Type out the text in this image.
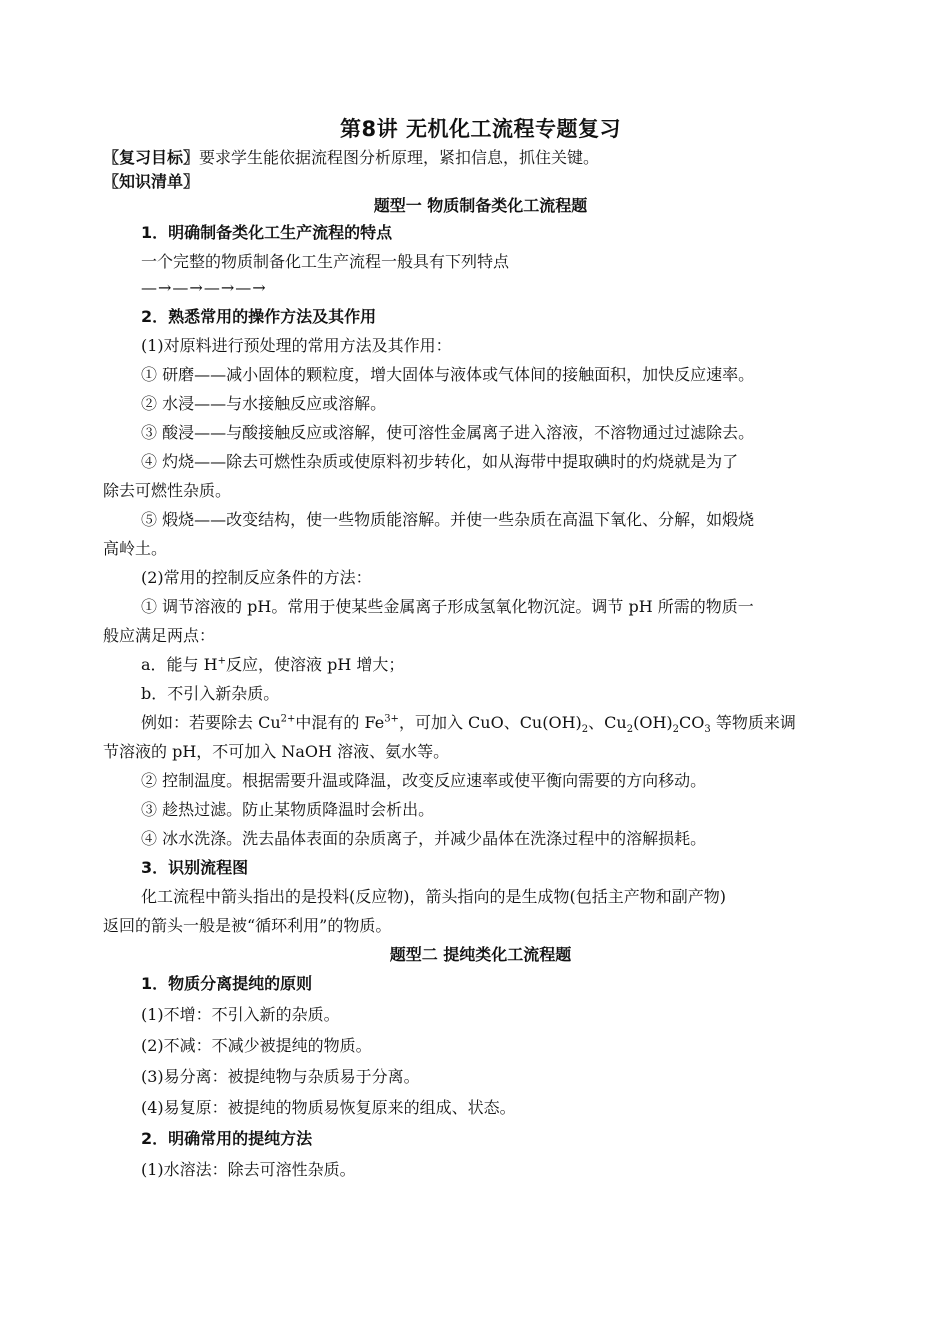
第8讲 无机化工流程专题复习
〖复习目标〗要求学生能依据流程图分析原理，紧扣信息，抓住关键。
〖知识清单〗
题型一 物质制备类化工流程题
1．明确制备类化工生产流程的特点
一个完整的物质制备化工生产流程一般具有下列特点
—→—→—→—→
2．熟悉常用的操作方法及其作用
(1)对原料进行预处理的常用方法及其作用：
① 研磨——减小固体的颗粒度，增大固体与液体或气体间的接触面积，加快反应速率。
② 水浸——与水接触反应或溶解。
③ 酸浸——与酸接触反应或溶解，使可溶性金属离子进入溶液，不溶物通过过滤除去。
④ 灼烧——除去可燃性杂质或使原料初步转化，如从海带中提取碘时的灼烧就是为了
除去可燃性杂质。
⑤ 煅烧——改变结构，使一些物质能溶解。并使一些杂质在高温下氧化、分解，如煅烧
高岭土。
(2)常用的控制反应条件的方法：
① 调节溶液的 pH。常用于使某些金属离子形成氢氧化物沉淀。调节 pH 所需的物质一
般应满足两点：
a．能与 H+反应，使溶液 pH 增大；
b．不引入新杂质。
例如：若要除去 $Cu^{2+}$中混有的 $Fe^{3+}$，可加入 CuO、$Cu(OH)_2$、$Cu_2(OH)_2CO_3$ 等物质来调
节溶液的 pH，不可加入 NaOH 溶液、氨水等。
② 控制温度。根据需要升温或降温，改变反应速率或使平衡向需要的方向移动。
③ 趁热过滤。防止某物质降温时会析出。
④ 冰水洗涤。洗去晶体表面的杂质离子，并减少晶体在洗涤过程中的溶解损耗。
3．识别流程图
化工流程中箭头指出的是投料(反应物)，箭头指向的是生成物(包括主产物和副产物)
返回的箭头一般是被“循环利用”的物质。
题型二 提纯类化工流程题
1．物质分离提纯的原则
(1)不增：不引入新的杂质。
(2)不减：不减少被提纯的物质。
(3)易分离：被提纯物与杂质易于分离。
(4)易复原：被提纯的物质易恢复原来的组成、状态。
2．明确常用的提纯方法
(1)水溶法：除去可溶性杂质。
